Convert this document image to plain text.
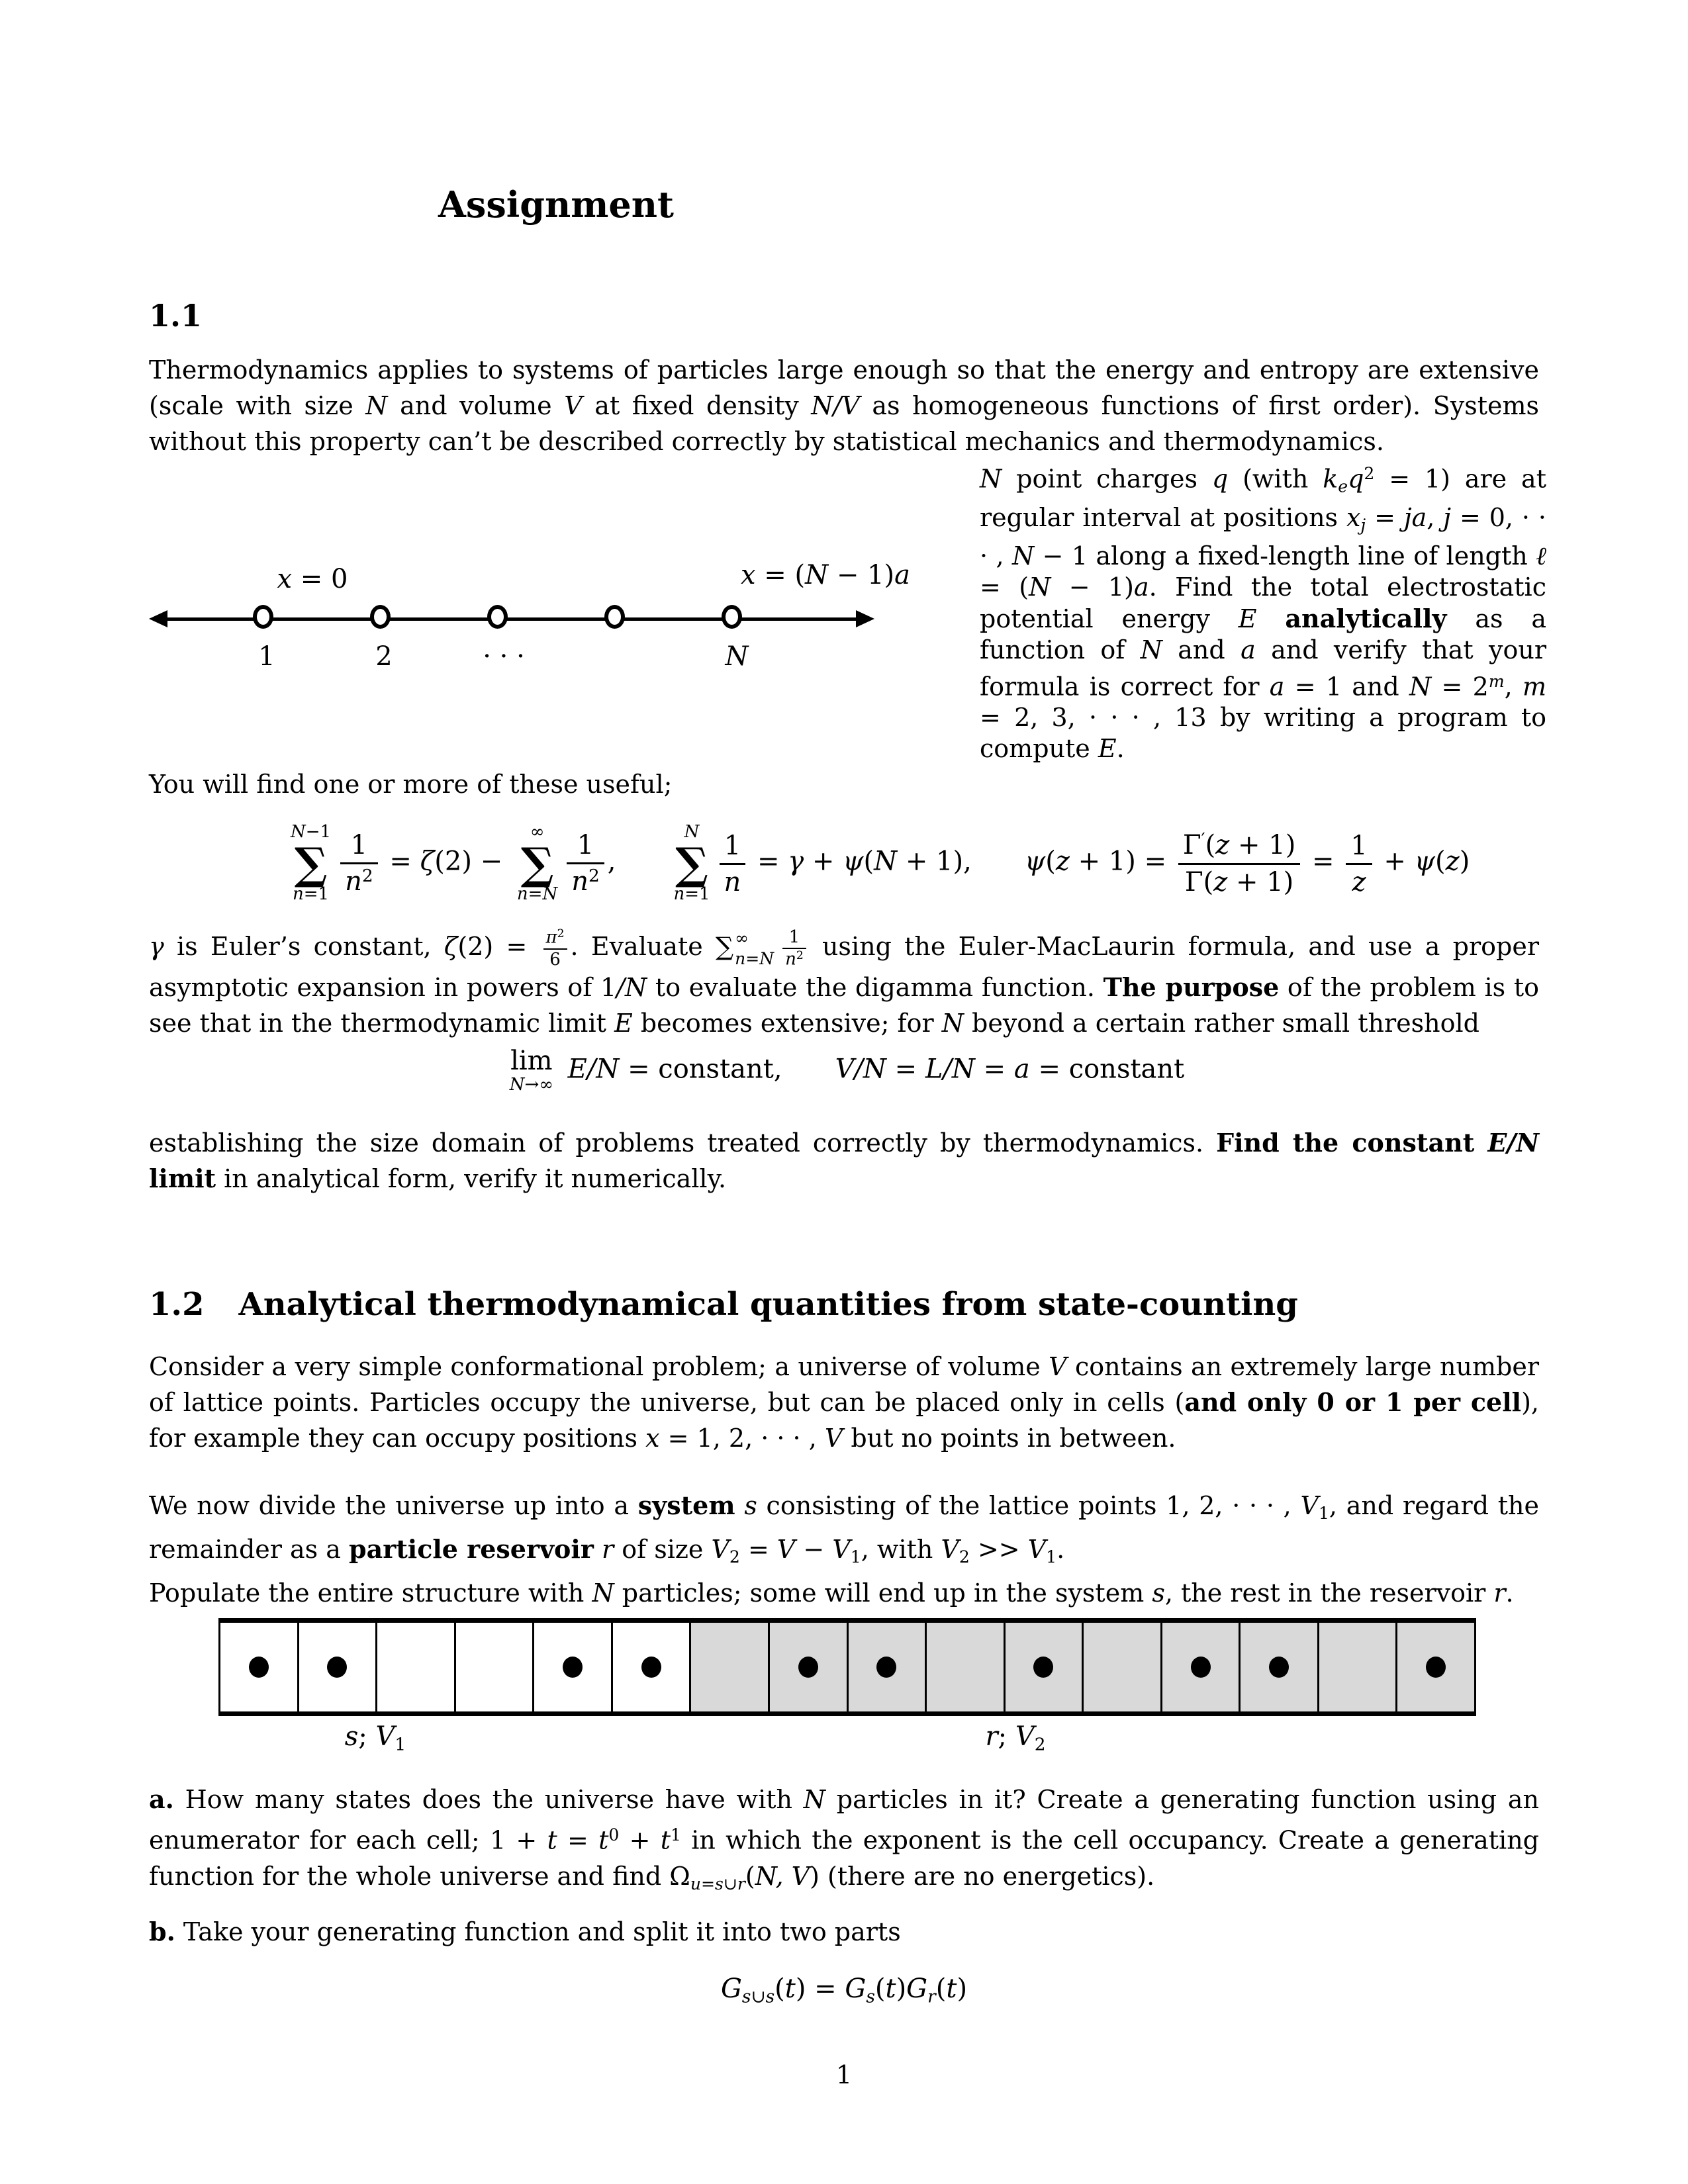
Assignment
1.1
Thermodynamics applies to systems of particles large enough so that the energy and entropy are extensive (scale with size N and volume V at fixed density N/V as homogeneous functions of first order). Systems without this property can’t be described correctly by statistical mechanics and thermodynamics.
N point charges q (with keq$^2$ = 1) are at regular interval at positions xj = ja, j = 0, · · · , N − 1 along a fixed-length line of length ℓ = (N − 1)a. Find the total electrostatic potential energy E analytically as a function of N and a and verify that your formula is correct for a = 1 and $N = 2^m$, m = 2, 3, · · · , 13 by writing a program to compute E.
x = 0	x = (N − 1)a
1	2	· · ·	N
You will find one or more of these useful;
N−1
∑
$n=1 \frac{1}{n^2} = \zeta(2)$ −
∞
∑
$n=N \frac{1}{n^2}$ ,
N
∑
$n=1 \frac{1}{n} = \gamma + \psi(N + 1)$, $\psi(z + 1) = \frac{\Gamma'(z + 1)}{\Gamma(z + 1)} = \frac{1}{z} + \psi(z)$
γ is Euler’s constant, $\zeta(2) = \frac{\pi^2}{6}$ . Evaluate ∑ ∞
$n=N \frac{1}{n^2}$ using the Euler-MacLaurin formula, and use a proper asymptotic expansion in powers of 1/N to evaluate the digamma function. The purpose of the problem is to see that in the thermodynamic limit E becomes extensive; for N beyond a certain rather small threshold
lim
N→∞
E/N = constant,   V/N = L/N = a = constant
establishing the size domain of problems treated correctly by thermodynamics. Find the constant E/N limit in analytical form, verify it numerically.
1.2 Analytical thermodynamical quantities from state-counting
Consider a very simple conformational problem; a universe of volume V contains an extremely large number of lattice points. Particles occupy the universe, but can be placed only in cells (and only 0 or 1 per cell), for example they can occupy positions x = 1, 2, · · · , V but no points in between.
We now divide the universe up into a system s consisting of the lattice points 1, 2, · · · , V1, and regard the remainder as a particle reservoir r of size V2 = V − V1, with V2 >> V1.
Populate the entire structure with N particles; some will end up in the system s, the rest in the reservoir r.
s; V1	r; V2
a. How many states does the universe have with N particles in it? Create a generating function using an enumerator for each cell; $1 + t = t^0 + t^1$ in which the exponent is the cell occupancy. Create a generating function for the whole universe and find Ωu=s∪r(N, V) (there are no energetics).
b. Take your generating function and split it into two parts
Gs∪s(t) = Gs(t)Gr(t)
1
